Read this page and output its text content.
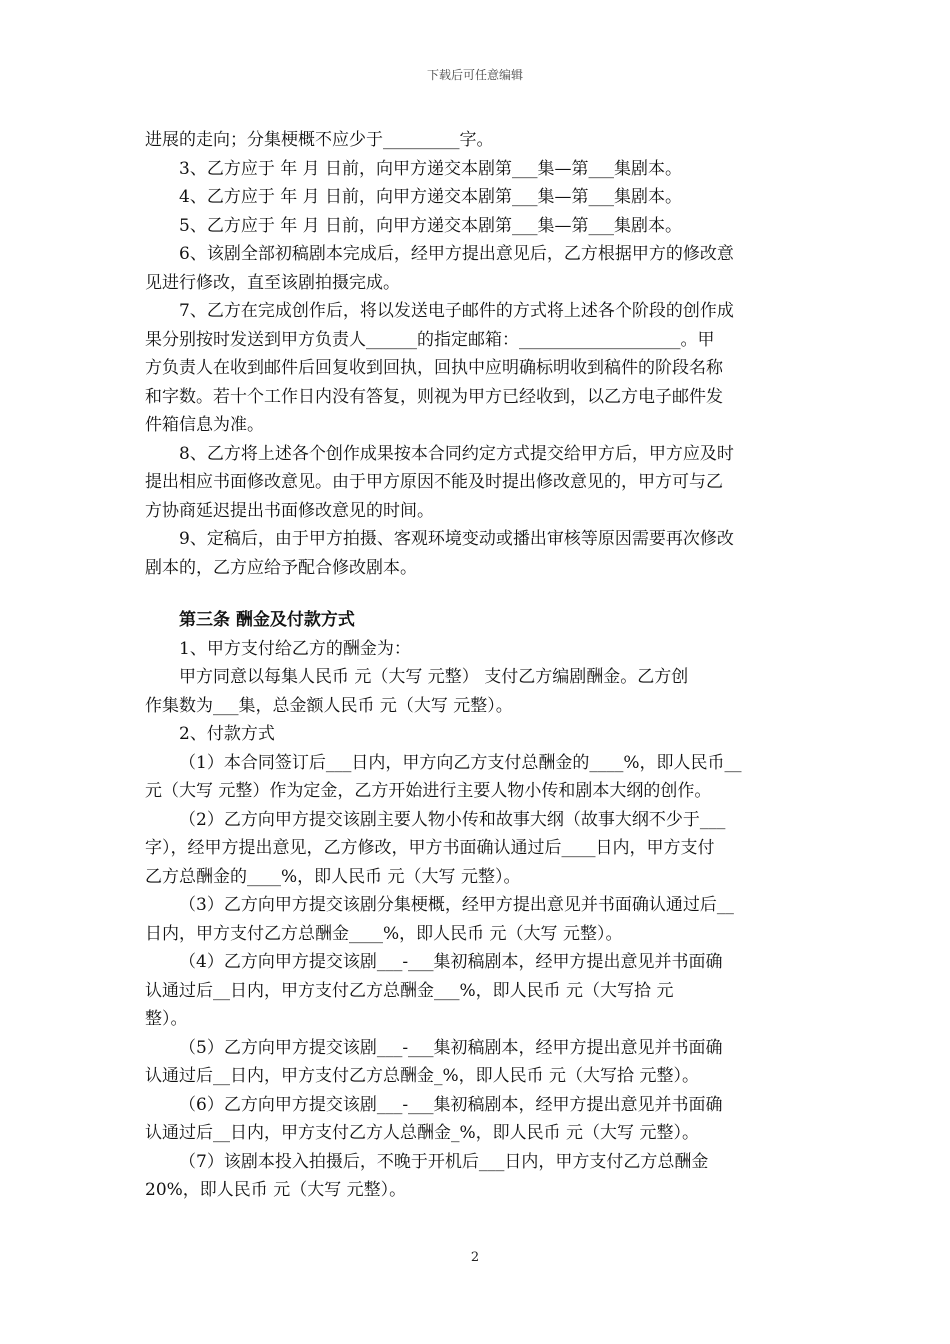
下载后可任意编辑
进展的走向；分集梗概不应少于_________字。
3、乙方应于 年 月 日前，向甲方递交本剧第___集—第___集剧本。
4、乙方应于 年 月 日前，向甲方递交本剧第___集—第___集剧本。
5、乙方应于 年 月 日前，向甲方递交本剧第___集—第___集剧本。
6、该剧全部初稿剧本完成后，经甲方提出意见后，乙方根据甲方的修改意
见进行修改，直至该剧拍摄完成。
7、乙方在完成创作后，将以发送电子邮件的方式将上述各个阶段的创作成
果分别按时发送到甲方负责人______的指定邮箱：___________________。甲
方负责人在收到邮件后回复收到回执，回执中应明确标明收到稿件的阶段名称
和字数。若十个工作日内没有答复，则视为甲方已经收到，以乙方电子邮件发
件箱信息为准。
8、乙方将上述各个创作成果按本合同约定方式提交给甲方后，甲方应及时
提出相应书面修改意见。由于甲方原因不能及时提出修改意见的，甲方可与乙
方协商延迟提出书面修改意见的时间。
9、定稿后，由于甲方拍摄、客观环境变动或播出审核等原因需要再次修改
剧本的，乙方应给予配合修改剧本。
第三条 酬金及付款方式
1、甲方支付给乙方的酬金为：
甲方同意以每集人民币 元（大写 元整） 支付乙方编剧酬金。乙方创
作集数为___集，总金额人民币 元（大写 元整）。
2、付款方式
（1）本合同签订后___日内，甲方向乙方支付总酬金的____%，即人民币__
元（大写 元整）作为定金，乙方开始进行主要人物小传和剧本大纲的创作。
（2）乙方向甲方提交该剧主要人物小传和故事大纲（故事大纲不少于___
字），经甲方提出意见，乙方修改，甲方书面确认通过后____日内，甲方支付
乙方总酬金的____%，即人民币 元（大写 元整）。
（3）乙方向甲方提交该剧分集梗概，经甲方提出意见并书面确认通过后__
日内，甲方支付乙方总酬金____%，即人民币 元（大写 元整）。
（4）乙方向甲方提交该剧___-___集初稿剧本，经甲方提出意见并书面确
认通过后__日内，甲方支付乙方总酬金___%，即人民币 元（大写拾 元
整）。
（5）乙方向甲方提交该剧___-___集初稿剧本，经甲方提出意见并书面确
认通过后__日内，甲方支付乙方总酬金_%，即人民币 元（大写拾 元整）。
（6）乙方向甲方提交该剧___-___集初稿剧本，经甲方提出意见并书面确
认通过后__日内，甲方支付乙方人总酬金_%，即人民币 元（大写 元整）。
（7）该剧本投入拍摄后，不晚于开机后___日内，甲方支付乙方总酬金
20%，即人民币 元（大写 元整）。
2
